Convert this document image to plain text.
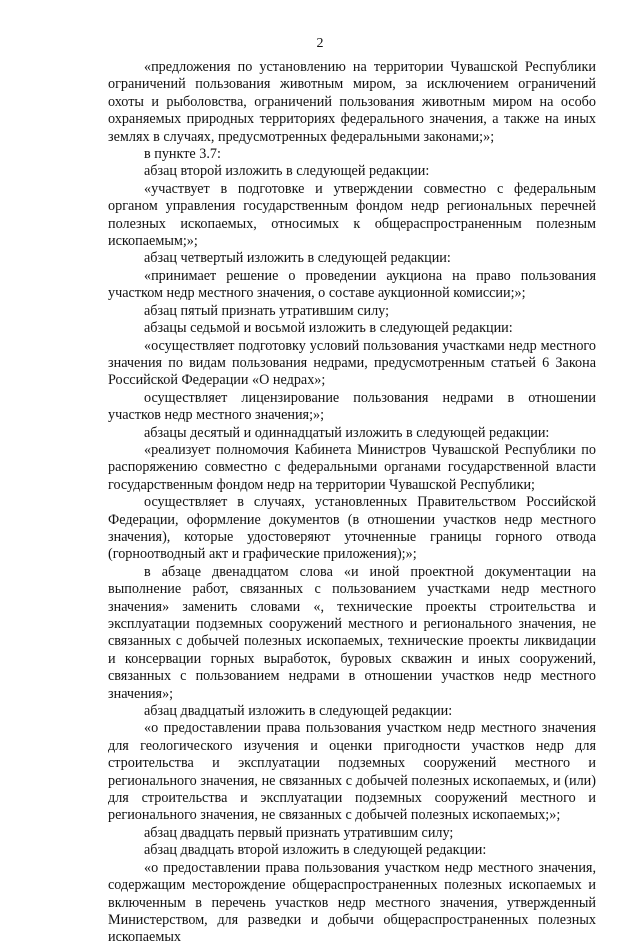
2

«предложения по установлению на территории Чувашской Республики ограничений пользования животным миром, за исключением ограничений охоты и рыболовства, ограничений пользования животным миром на особо охраняемых природных территориях федерального значения, а также на иных землях в случаях, предусмотренных федеральными законами;»;

в пункте 3.7:

абзац второй изложить в следующей редакции:

«участвует в подготовке и утверждении совместно с федеральным органом управления государственным фондом недр региональных перечней полезных ископаемых, относимых к общераспространенным полезным ископаемым;»;

абзац четвертый изложить в следующей редакции:

«принимает решение о проведении аукциона на право пользования участком недр местного значения, о составе аукционной комиссии;»;

абзац пятый признать утратившим силу;

абзацы седьмой и восьмой изложить в следующей редакции:

«осуществляет подготовку условий пользования участками недр местного значения по видам пользования недрами, предусмотренным статьей 6 Закона Российской Федерации «О недрах»;

осуществляет лицензирование пользования недрами в отношении участков недр местного значения;»;

абзацы десятый и одиннадцатый изложить в следующей редакции:

«реализует полномочия Кабинета Министров Чувашской Республики по распоряжению совместно с федеральными органами государственной власти государственным фондом недр на территории Чувашской Республики;

осуществляет в случаях, установленных Правительством Российской Федерации, оформление документов (в отношении участков недр местного значения), которые удостоверяют уточненные границы горного отвода (горноотводный акт и графические приложения);»;

в абзаце двенадцатом слова «и иной проектной документации на выполнение работ, связанных с пользованием участками недр местного значения» заменить словами «, технические проекты строительства и эксплуатации подземных сооружений местного и регионального значения, не связанных с добычей полезных ископаемых, технические проекты ликвидации и консервации горных выработок, буровых скважин и иных сооружений, связанных с пользованием недрами в отношении участков недр местного значения»;

абзац двадцатый изложить в следующей редакции:

«о предоставлении права пользования участком недр местного значения для геологического изучения и оценки пригодности участков недр для строительства и эксплуатации подземных сооружений местного и регионального значения, не связанных с добычей полезных ископаемых, и (или) для строительства и эксплуатации подземных сооружений местного и регионального значения, не связанных с добычей полезных ископаемых;»;

абзац двадцать первый признать утратившим силу;

абзац двадцать второй изложить в следующей редакции:

«о предоставлении права пользования участком недр местного значения, содержащим месторождение общераспространенных полезных ископаемых и включенным в перечень участков недр местного значения, утвержденный Министерством, для разведки и добычи общераспространенных полезных ископаемых
